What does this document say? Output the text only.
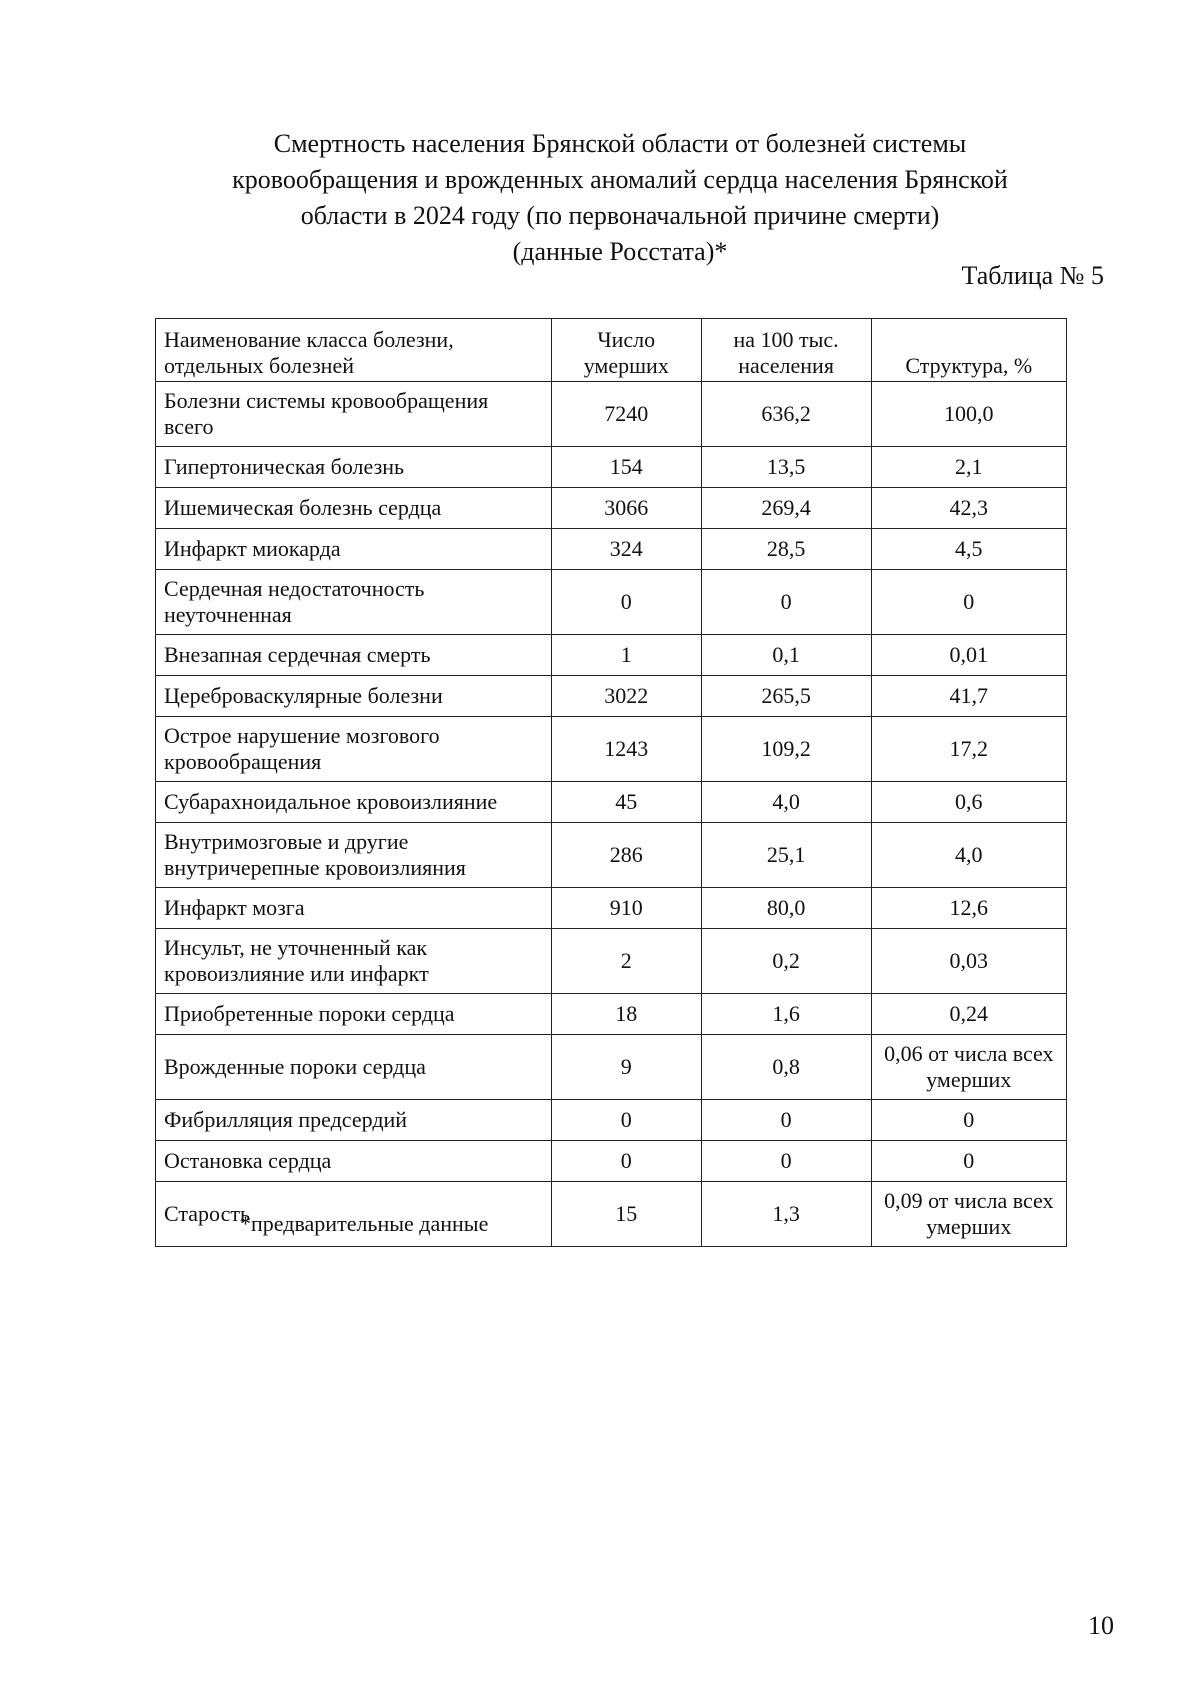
Смертность населения Брянской области от болезней системы
кровообращения и врожденных аномалий сердца населения Брянской
области в 2024 году (по первоначальной причине смерти)
(данные Росстата)*
Таблица № 5
Наименование класса болезни, отдельных болезней	Число умерших	на 100 тыс. населения	Структура, %
Болезни системы кровообращения всего	7240	636,2	100,0
Гипертоническая болезнь	154	13,5	2,1
Ишемическая болезнь сердца	3066	269,4	42,3
Инфаркт миокарда	324	28,5	4,5
Сердечная недостаточность неуточненная	0	0	0
Внезапная сердечная смерть	1	0,1	0,01
Цереброваскулярные болезни	3022	265,5	41,7
Острое нарушение мозгового кровообращения	1243	109,2	17,2
Субарахноидальное кровоизлияние	45	4,0	0,6
Внутримозговые и другие внутричерепные кровоизлияния	286	25,1	4,0
Инфаркт мозга	910	80,0	12,6
Инсульт, не уточненный как кровоизлияние или инфаркт	2	0,2	0,03
Приобретенные пороки сердца	18	1,6	0,24
Врожденные пороки сердца	9	0,8	0,06 от числа всех умерших
Фибрилляция предсердий	0	0	0
Остановка сердца	0	0	0
Старость	15	1,3	0,09 от числа всех умерших
*предварительные данные
10
